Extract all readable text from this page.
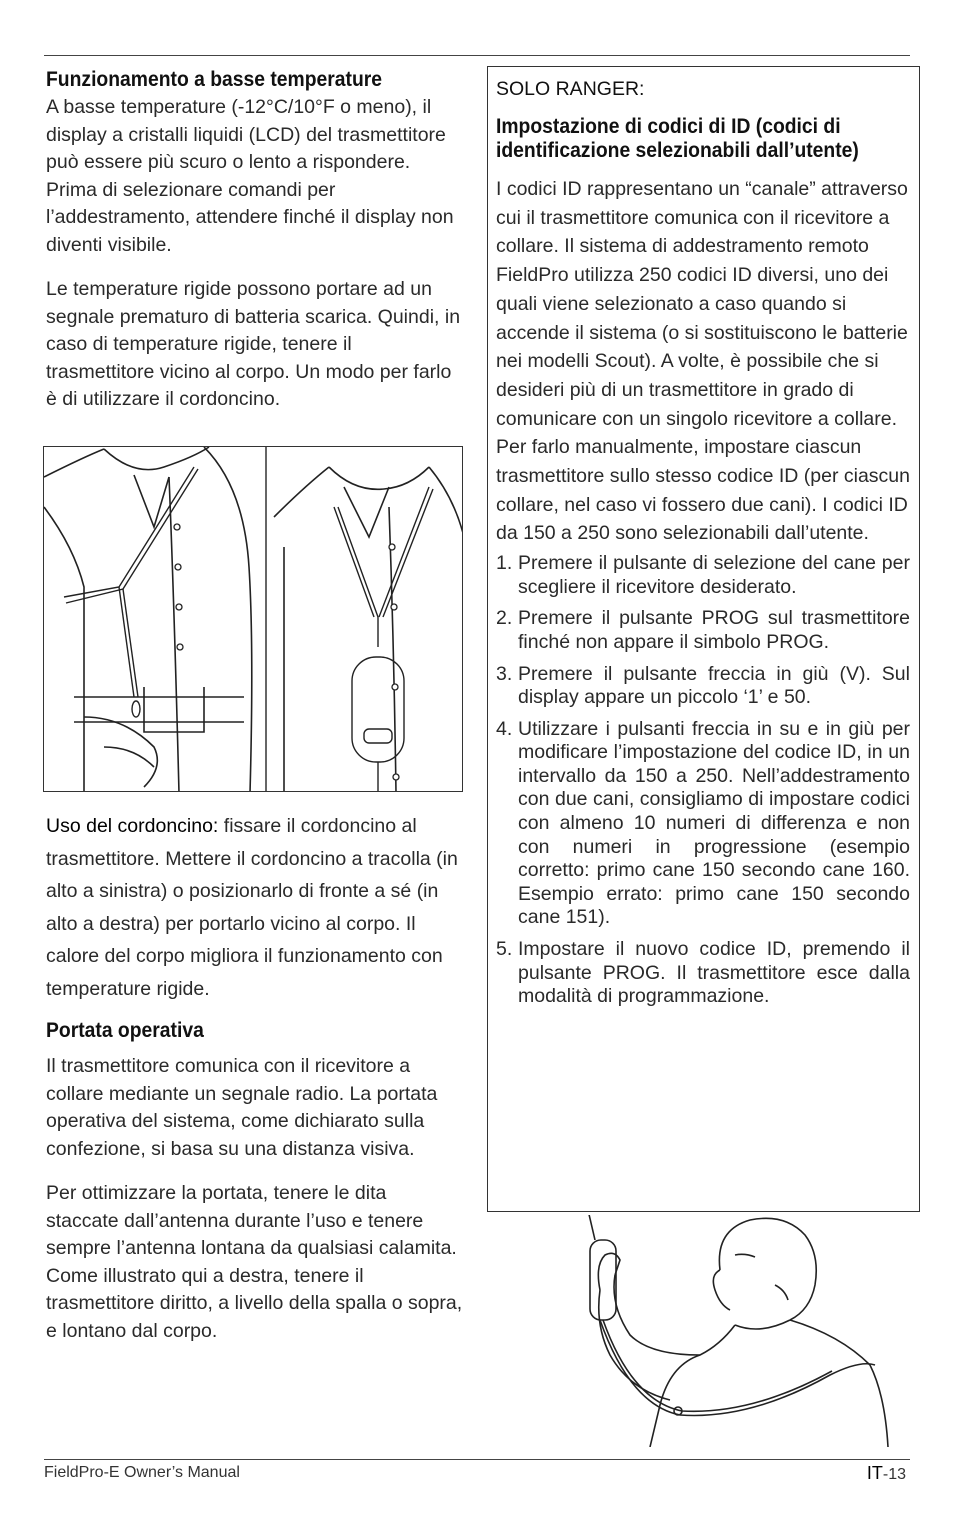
Funzionamento a basse temperature

A basse temperature (-12°C/10°F o meno), il display a cristalli liquidi (LCD) del trasmettitore può essere più scuro o lento a rispondere. Prima di selezionare comandi per l’addestramento, attendere finché il display non diventi visibile.

Le temperature rigide possono portare ad un segnale prematuro di batteria scarica. Quindi, in caso di temperature rigide, tenere il trasmettitore vicino al corpo. Un modo per farlo è di utilizzare il cordoncino.

Uso del cordoncino: fissare il cordoncino al trasmettitore. Mettere il cordoncino a tracolla (in alto a sinistra) o posizionarlo di fronte a sé (in alto a destra) per portarlo vicino al corpo. Il calore del corpo migliora il funzionamento con temperature rigide.

Portata operativa

Il trasmettitore comunica con il ricevitore a collare mediante un segnale radio. La portata operativa del sistema, come dichiarato sulla confezione, si basa su una distanza visiva.

Per ottimizzare la portata, tenere le dita staccate dall’antenna durante l’uso e tenere sempre l’antenna lontana da qualsiasi calamita. Come illustrato qui a destra, tenere il trasmettitore diritto, a livello della spalla o sopra, e lontano dal corpo.

SOLO RANGER:
Impostazione di codici di ID (codici di identificazione selezionabili dall’utente)

I codici ID rappresentano un “canale” attraverso cui il trasmettitore comunica con il ricevitore a collare. Il sistema di addestramento remoto FieldPro utilizza 250 codici ID diversi, uno dei quali viene selezionato a caso quando si accende il sistema (o si sostituiscono le batterie nei modelli Scout). A volte, è possibile che si desideri più di un trasmettitore in grado di comunicare con un singolo ricevitore a collare. Per farlo manualmente, impostare ciascun trasmettitore sullo stesso codice ID (per ciascun collare, nel caso vi fossero due cani). I codici ID da 150 a 250 sono selezionabili dall’utente.

1. Premere il pulsante di selezione del cane per scegliere il ricevitore desiderato.
2. Premere il pulsante PROG sul trasmettitore finché non appare il simbolo PROG.
3. Premere il pulsante freccia in giù (V). Sul display appare un piccolo ‘1’ e 50.
4. Utilizzare i pulsanti freccia in su e in giù per modificare l’impostazione del codice ID, in un intervallo da 150 a 250. Nell’addestramento con due cani, consigliamo di impostare codici con almeno 10 numeri di differenza e non con numeri in progressione (esempio corretto: primo cane 150 secondo cane 160. Esempio errato: primo cane 150 secondo cane 151).
5. Impostare il nuovo codice ID, premendo il pulsante PROG. Il trasmettitore esce dalla modalità di programmazione.
FieldPro-E Owner’s Manual	IT-13
